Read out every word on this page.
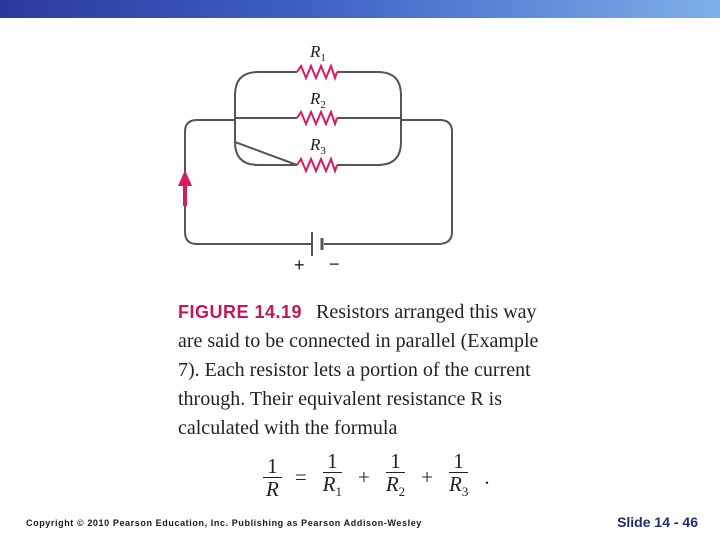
$R_1$
$R_2$
$R_3$
+ −
FIGURE 14.19 Resistors arranged this way are said to be connected in parallel (Example 7). Each resistor lets a portion of the current through. Their equivalent resistance R is calculated with the formula
$\frac{1}{R} = \frac{1}{R_1} + \frac{1}{R_2} + \frac{1}{R_3}$ .
Copyright © 2010 Pearson Education, Inc. Publishing as Pearson Addison-Wesley	Slide 14 - 46
